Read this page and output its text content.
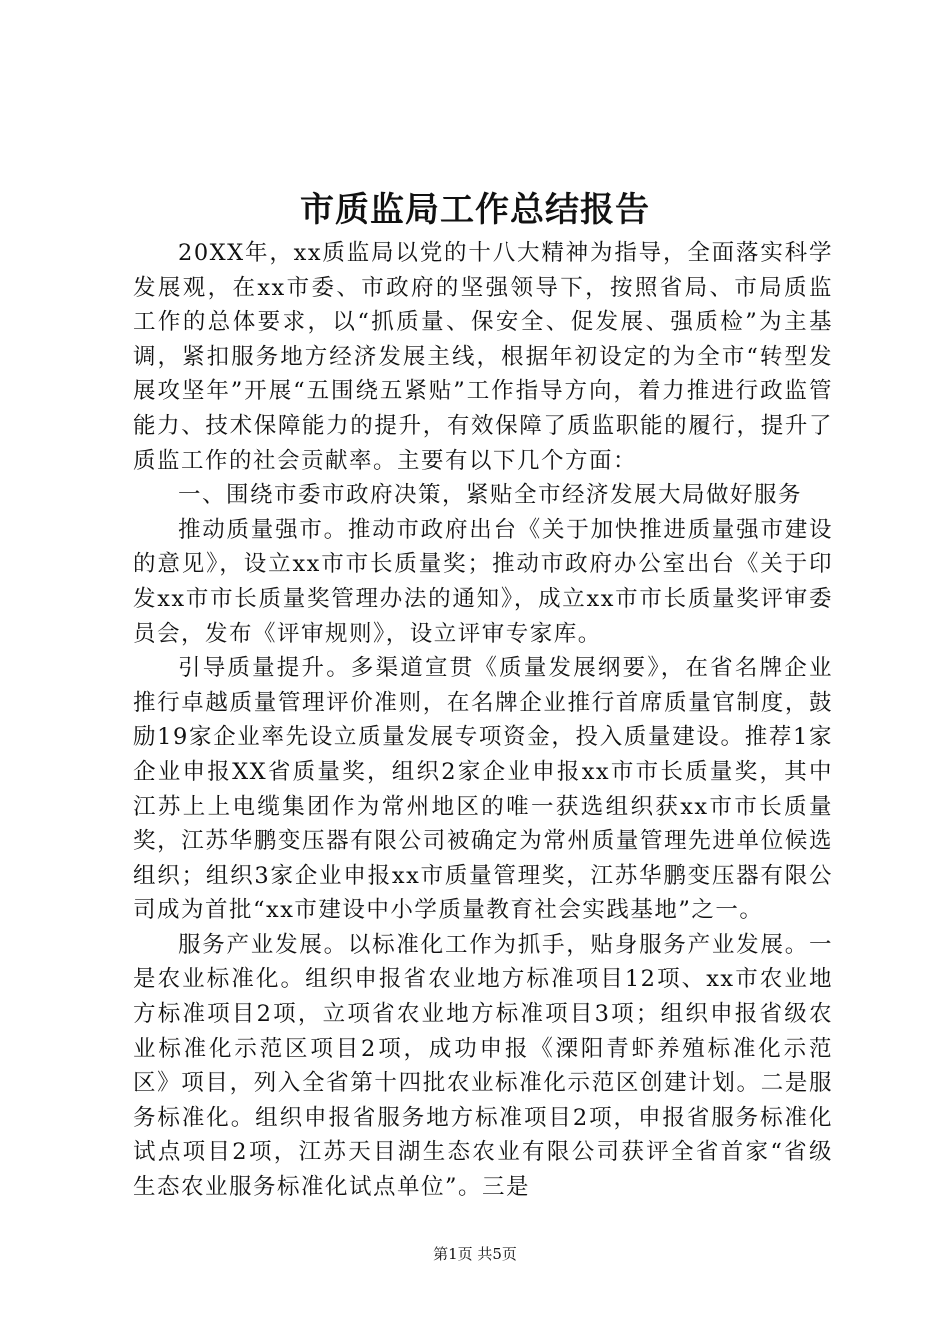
市质监局工作总结报告

20XX年，xx质监局以党的十八大精神为指导，全面落实科学发展观，在xx市委、市政府的坚强领导下，按照省局、市局质监工作的总体要求，以“抓质量、保安全、促发展、强质检”为主基调，紧扣服务地方经济发展主线，根据年初设定的为全市“转型发展攻坚年”开展“五围绕五紧贴”工作指导方向，着力推进行政监管能力、技术保障能力的提升，有效保障了质监职能的履行，提升了质监工作的社会贡献率。主要有以下几个方面：

一、围绕市委市政府决策，紧贴全市经济发展大局做好服务

推动质量强市。推动市政府出台《关于加快推进质量强市建设的意见》，设立xx市市长质量奖；推动市政府办公室出台《关于印发xx市市长质量奖管理办法的通知》，成立xx市市长质量奖评审委员会，发布《评审规则》，设立评审专家库。

引导质量提升。多渠道宣贯《质量发展纲要》，在省名牌企业推行卓越质量管理评价准则，在名牌企业推行首席质量官制度，鼓励19家企业率先设立质量发展专项资金，投入质量建设。推荐1家企业申报XX省质量奖，组织2家企业申报xx市市长质量奖，其中江苏上上电缆集团作为常州地区的唯一获选组织获xx市市长质量奖，江苏华鹏变压器有限公司被确定为常州质量管理先进单位候选组织；组织3家企业申报xx市质量管理奖，江苏华鹏变压器有限公司成为首批“xx市建设中小学质量教育社会实践基地”之一。

服务产业发展。以标准化工作为抓手，贴身服务产业发展。一是农业标准化。组织申报省农业地方标准项目12项、xx市农业地方标准项目2项，立项省农业地方标准项目3项；组织申报省级农业标准化示范区项目2项，成功申报《溧阳青虾养殖标准化示范区》项目，列入全省第十四批农业标准化示范区创建计划。二是服务标准化。组织申报省服务地方标准项目2项，申报省服务标准化试点项目2项，江苏天目湖生态农业有限公司获评全省首家“省级生态农业服务标准化试点单位”。三是

第1页 共5页
